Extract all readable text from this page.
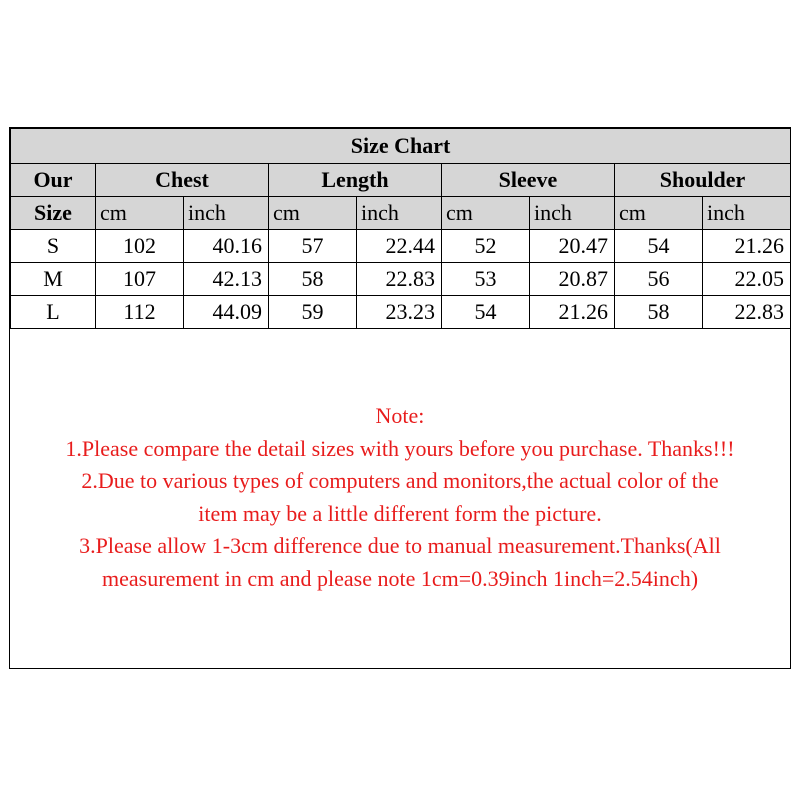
Size Chart								
Our	Chest		Length		Sleeve		Shoulder	
Size	cm	inch	cm	inch	cm	inch	cm	inch
S	102	40.16	57	22.44	52	20.47	54	21.26
M	107	42.13	58	22.83	53	20.87	56	22.05
L	112	44.09	59	23.23	54	21.26	58	22.83
Note:
1.Please compare the detail sizes with yours before you purchase. Thanks!!!
2.Due to various types of computers and monitors,the actual color of the
item may be a little different form the picture.
3.Please allow 1-3cm difference due to manual measurement.Thanks(All
measurement in cm and please note 1cm=0.39inch 1inch=2.54inch)
